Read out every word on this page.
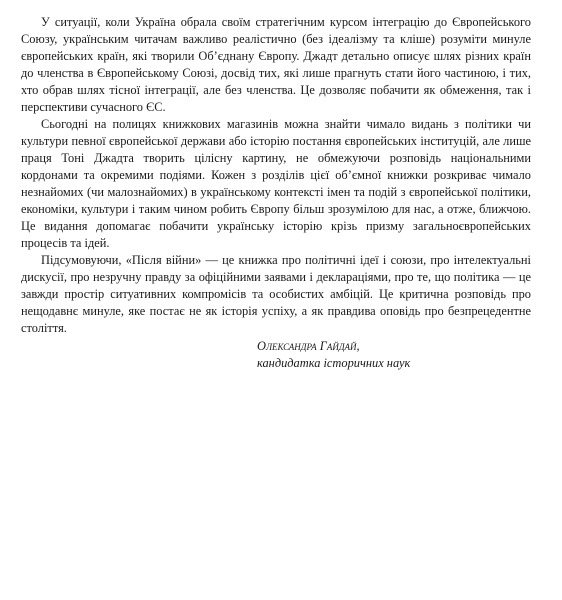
У ситуації, коли Україна обрала своїм стратегічним курсом інтеграцію до Європейського Союзу, українським читачам важливо реалістично (без ідеалізму та кліше) розуміти минуле європейських країн, які творили Об’єднану Європу. Джадт детально описує шлях різних країн до членства в Європейському Союзі, досвід тих, які лише прагнуть стати його частиною, і тих, хто обрав шлях тісної інтеграції, але без членства. Це дозволяє побачити як обмеження, так і перспективи сучасного ЄС.

Сьогодні на полицях книжкових магазинів можна знайти чимало видань з політики чи культури певної європейської держави або історію постання європейських інституцій, але лише праця Тоні Джадта творить цілісну картину, не обмежуючи розповідь національними кордонами та окремими подіями. Кожен з розділів цієї об’ємної книжки розкриває чимало незнайомих (чи малознайомих) в українському контексті імен та подій з європейської політики, економіки, культури і таким чином робить Європу більш зрозумілою для нас, а отже, ближчою. Це видання допомагає побачити українську історію крізь призму загальноєвропейських процесів та ідей.

Підсумовуючи, «Після війни» — це книжка про політичні ідеї і союзи, про інтелектуальні дискусії, про незручну правду за офіційними заявами і деклараціями, про те, що політика — це завжди простір ситуативних компромісів та особистих амбіцій. Це критична розповідь про нещодавнє минуле, яке постає не як історія успіху, а як правдива оповідь про безпрецедентне століття.

Олександра Гайдай,
кандидатка історичних наук
